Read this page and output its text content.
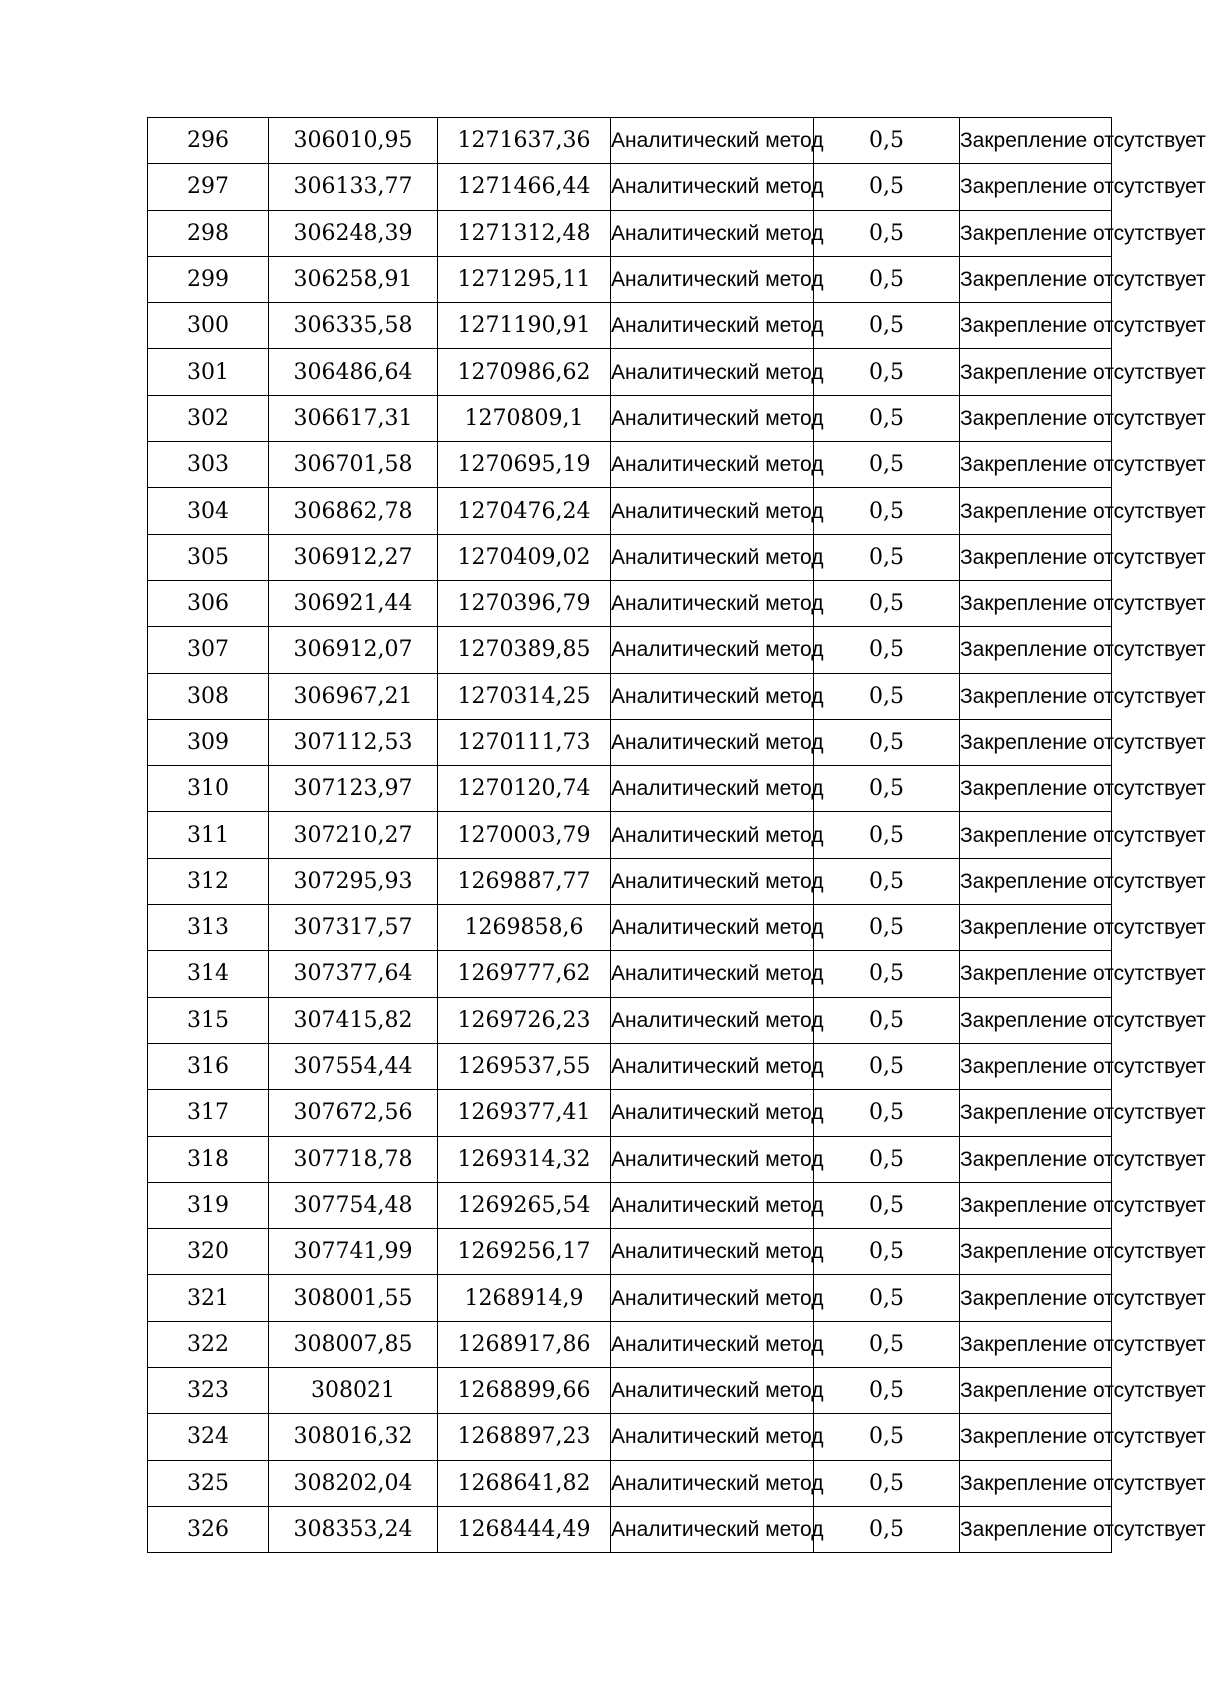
296	306010,95	1271637,36	Аналитический метод	0,5	Закрепление отсутствует
297	306133,77	1271466,44	Аналитический метод	0,5	Закрепление отсутствует
298	306248,39	1271312,48	Аналитический метод	0,5	Закрепление отсутствует
299	306258,91	1271295,11	Аналитический метод	0,5	Закрепление отсутствует
300	306335,58	1271190,91	Аналитический метод	0,5	Закрепление отсутствует
301	306486,64	1270986,62	Аналитический метод	0,5	Закрепление отсутствует
302	306617,31	1270809,1	Аналитический метод	0,5	Закрепление отсутствует
303	306701,58	1270695,19	Аналитический метод	0,5	Закрепление отсутствует
304	306862,78	1270476,24	Аналитический метод	0,5	Закрепление отсутствует
305	306912,27	1270409,02	Аналитический метод	0,5	Закрепление отсутствует
306	306921,44	1270396,79	Аналитический метод	0,5	Закрепление отсутствует
307	306912,07	1270389,85	Аналитический метод	0,5	Закрепление отсутствует
308	306967,21	1270314,25	Аналитический метод	0,5	Закрепление отсутствует
309	307112,53	1270111,73	Аналитический метод	0,5	Закрепление отсутствует
310	307123,97	1270120,74	Аналитический метод	0,5	Закрепление отсутствует
311	307210,27	1270003,79	Аналитический метод	0,5	Закрепление отсутствует
312	307295,93	1269887,77	Аналитический метод	0,5	Закрепление отсутствует
313	307317,57	1269858,6	Аналитический метод	0,5	Закрепление отсутствует
314	307377,64	1269777,62	Аналитический метод	0,5	Закрепление отсутствует
315	307415,82	1269726,23	Аналитический метод	0,5	Закрепление отсутствует
316	307554,44	1269537,55	Аналитический метод	0,5	Закрепление отсутствует
317	307672,56	1269377,41	Аналитический метод	0,5	Закрепление отсутствует
318	307718,78	1269314,32	Аналитический метод	0,5	Закрепление отсутствует
319	307754,48	1269265,54	Аналитический метод	0,5	Закрепление отсутствует
320	307741,99	1269256,17	Аналитический метод	0,5	Закрепление отсутствует
321	308001,55	1268914,9	Аналитический метод	0,5	Закрепление отсутствует
322	308007,85	1268917,86	Аналитический метод	0,5	Закрепление отсутствует
323	308021	1268899,66	Аналитический метод	0,5	Закрепление отсутствует
324	308016,32	1268897,23	Аналитический метод	0,5	Закрепление отсутствует
325	308202,04	1268641,82	Аналитический метод	0,5	Закрепление отсутствует
326	308353,24	1268444,49	Аналитический метод	0,5	Закрепление отсутствует
